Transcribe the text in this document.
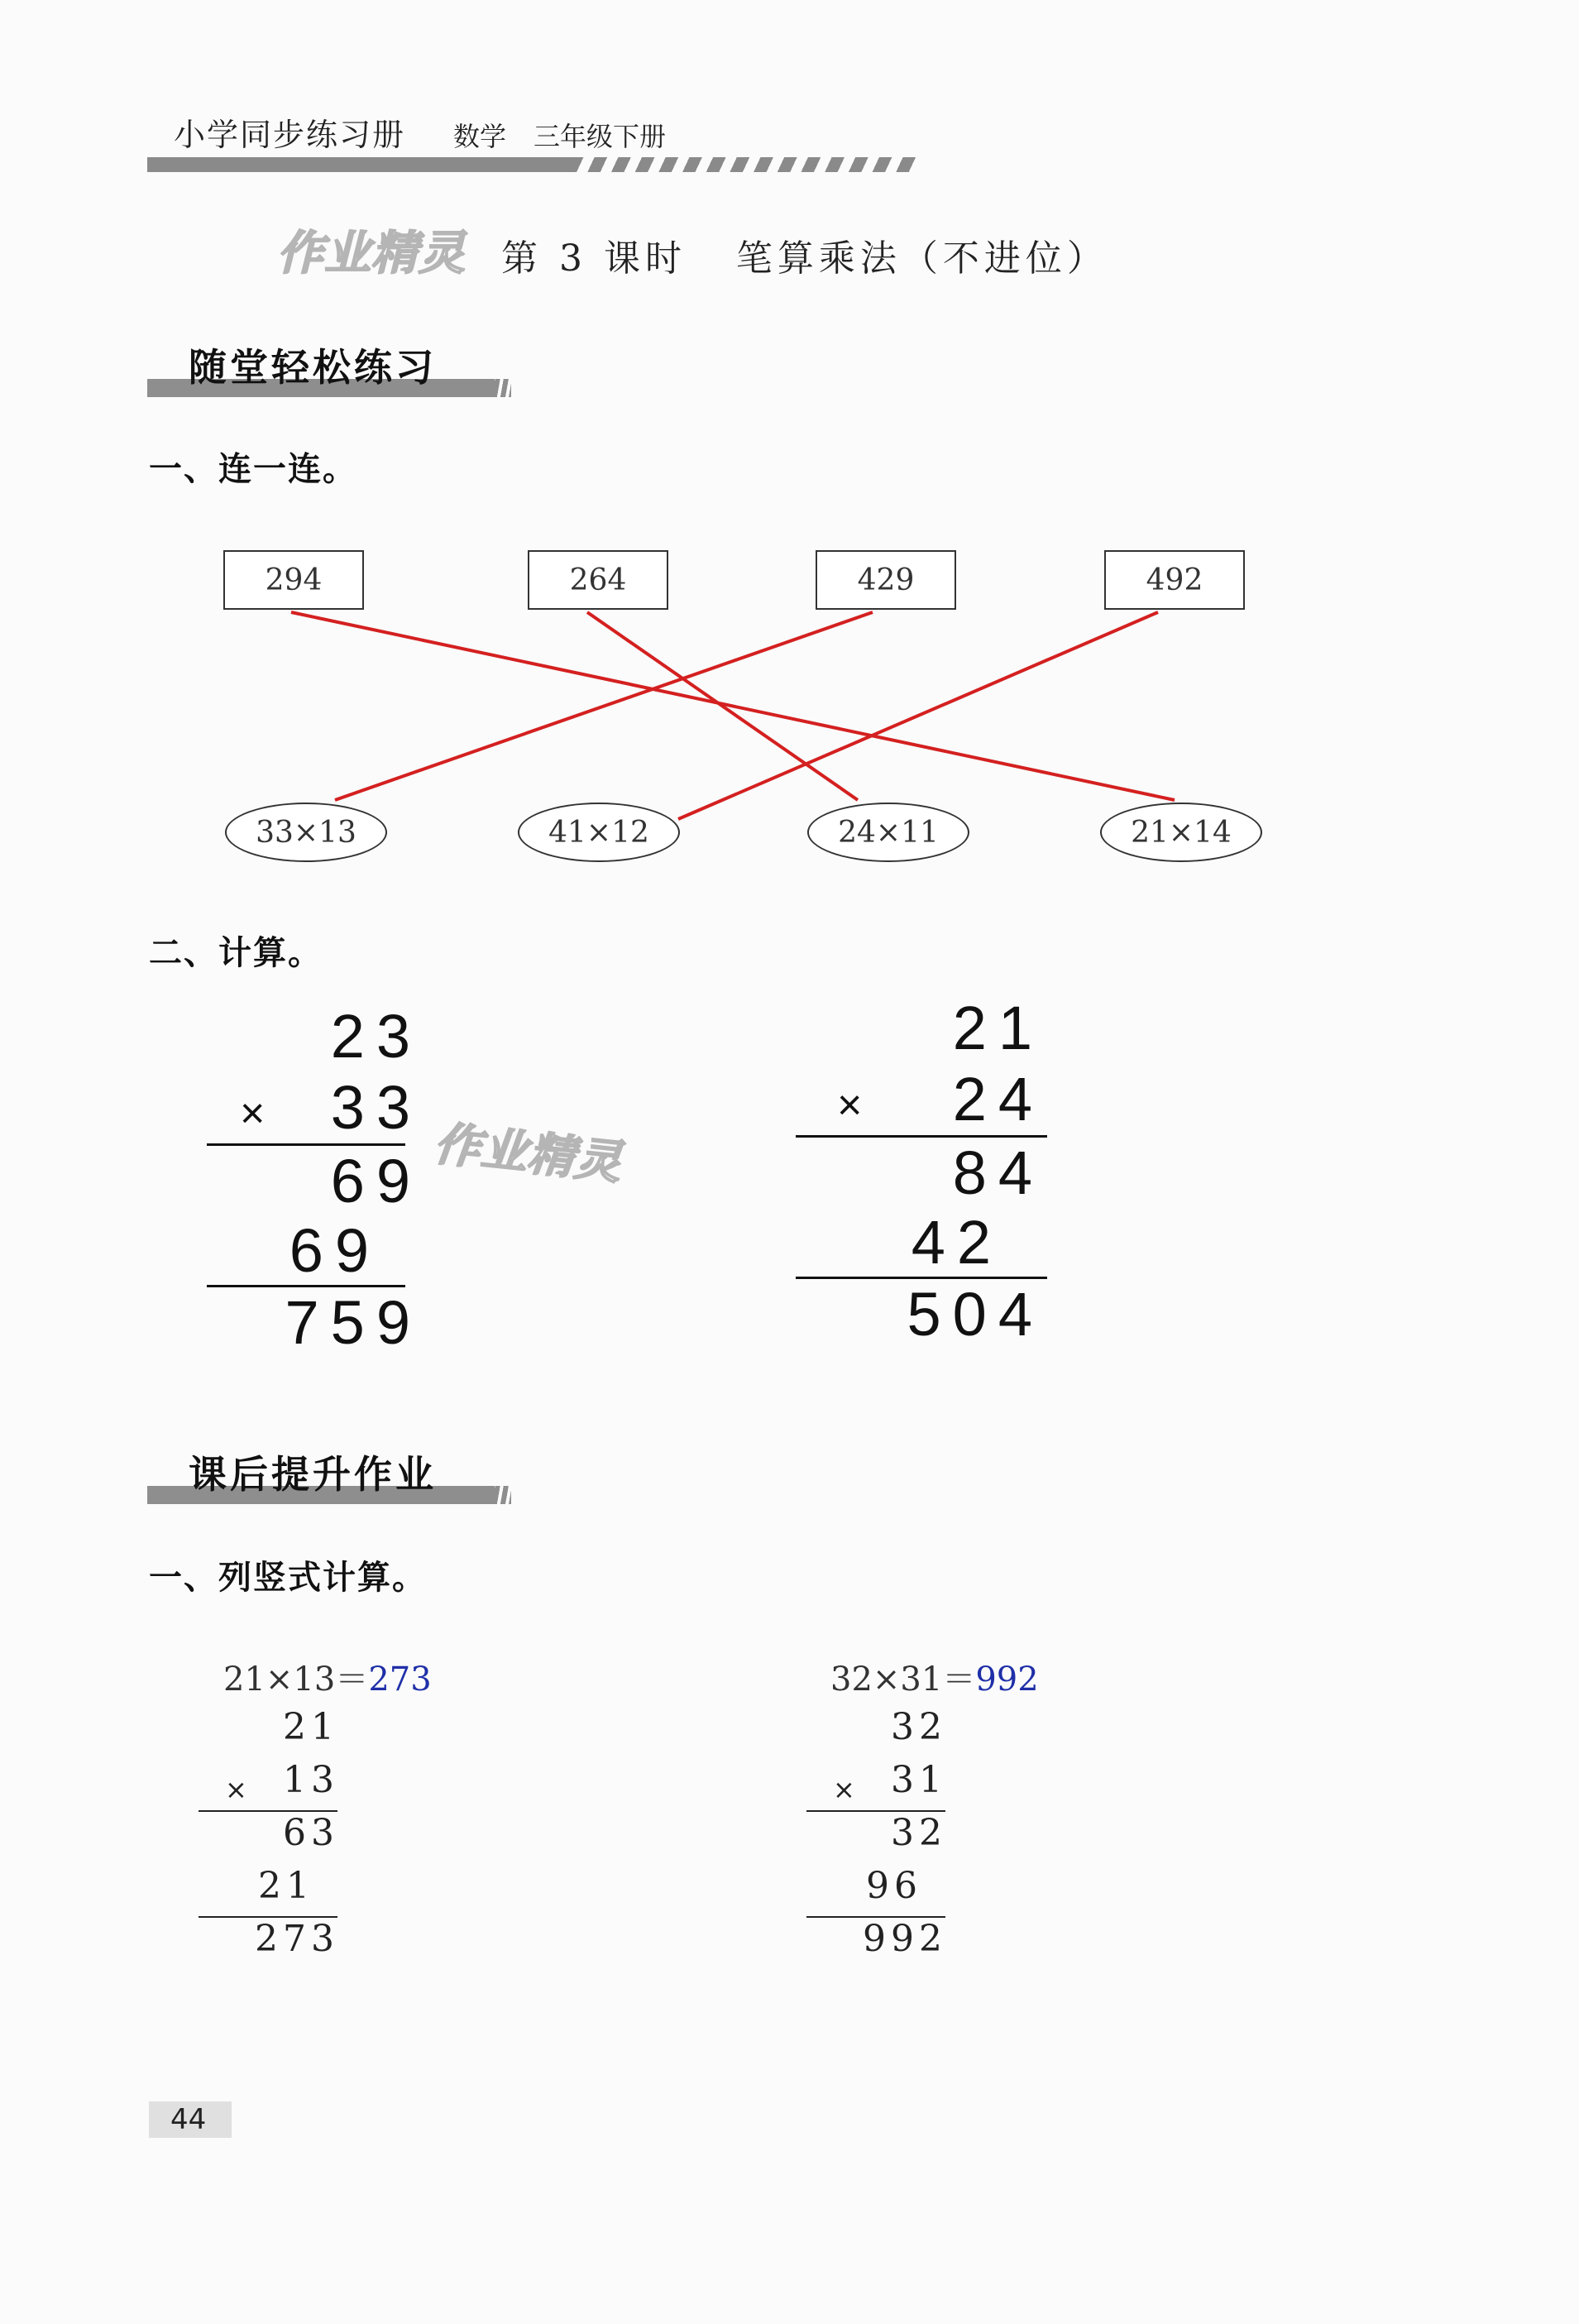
小学同步练习册 数学 三年级下册
作业精灵 第 3 课时   笔算乘法（不进位）
随堂轻松练习
一、连一连。
294	264	429	492
33×13	41×12	24×11	21×14
二、计算。
23
×	33
69
69
759
作业精灵
21
×	24
84
42
504
课后提升作业
一、列竖式计算。
21×13＝273
21
× 13
63
21
273
32×31＝992
32
× 31
32
96
992
44
